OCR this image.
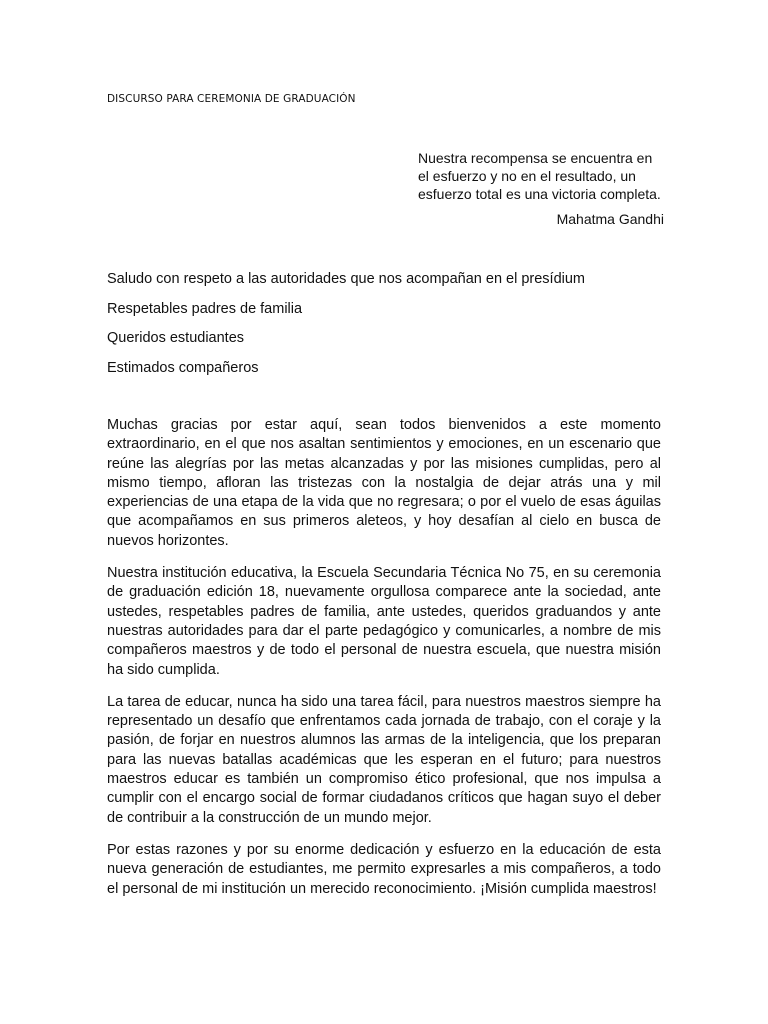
DISCURSO PARA CEREMONIA DE GRADUACIÓN

Nuestra recompensa se encuentra en el esfuerzo y no en el resultado, un esfuerzo total es una victoria completa.

Mahatma Gandhi

Saludo con respeto a las autoridades que nos acompañan en el presídium

Respetables padres de familia

Queridos estudiantes

Estimados compañeros

Muchas gracias por estar aquí, sean todos bienvenidos a este momento extraordinario, en el que nos asaltan sentimientos y emociones, en un escenario que reúne las alegrías por las metas alcanzadas y por las misiones cumplidas, pero al mismo tiempo, afloran las tristezas con la nostalgia de dejar atrás una y mil experiencias de una etapa de la vida que no regresara; o por el vuelo de esas águilas que acompañamos en sus primeros aleteos, y hoy desafían al cielo en busca de nuevos horizontes.

Nuestra institución educativa, la Escuela Secundaria Técnica No 75, en su ceremonia de graduación edición 18, nuevamente orgullosa comparece ante la sociedad, ante ustedes, respetables padres de familia, ante ustedes, queridos graduandos y ante nuestras autoridades para dar el parte pedagógico y comunicarles, a nombre de mis compañeros maestros y de todo el personal de nuestra escuela, que nuestra misión ha sido cumplida.

La tarea de educar, nunca ha sido una tarea fácil, para nuestros maestros siempre ha representado un desafío que enfrentamos cada jornada de trabajo, con el coraje y la pasión, de forjar en nuestros alumnos las armas de la inteligencia, que los preparan para las nuevas batallas académicas que les esperan en el futuro; para nuestros maestros educar es también un compromiso ético profesional, que nos impulsa a cumplir con el encargo social de formar ciudadanos críticos que hagan suyo el deber de contribuir a la construcción de un mundo mejor.

Por estas razones y por su enorme dedicación y esfuerzo en la educación de esta nueva generación de estudiantes, me permito expresarles a mis compañeros, a todo el personal de mi institución un merecido reconocimiento. ¡Misión cumplida maestros!
